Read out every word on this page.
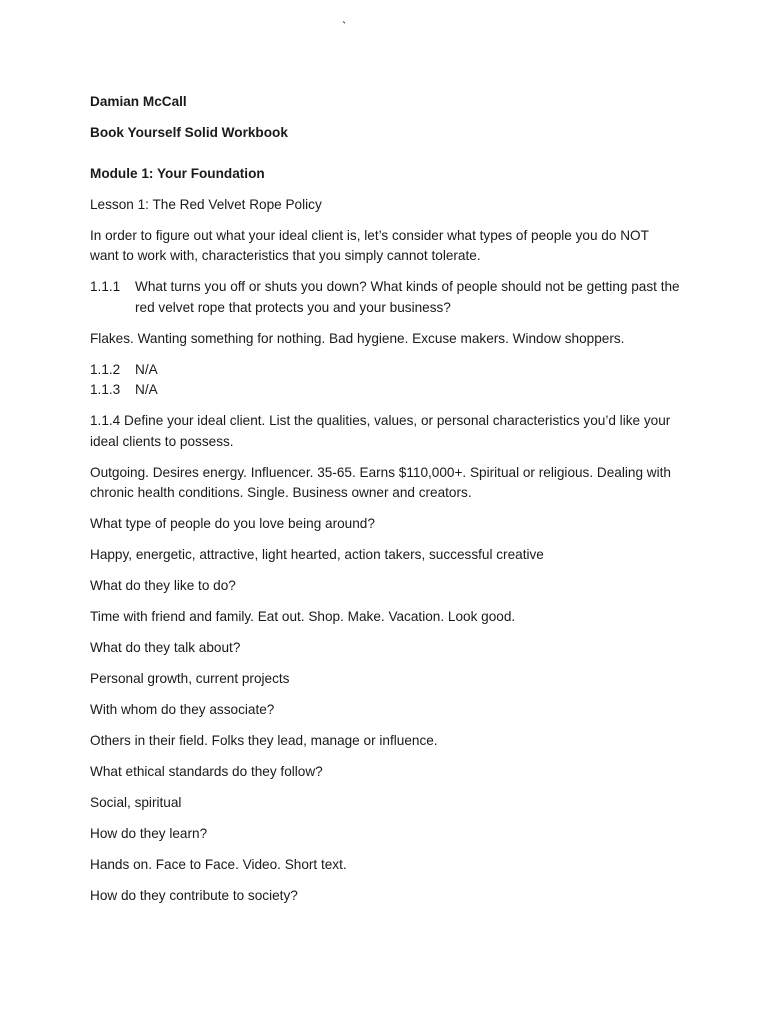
`

Damian McCall

Book Yourself Solid Workbook

Module 1: Your Foundation

Lesson 1: The Red Velvet Rope Policy

In order to figure out what your ideal client is, let’s consider what types of people you do NOT want to work with, characteristics that you simply cannot tolerate.

1.1.1	What turns you off or shuts you down? What kinds of people should not be getting past the red velvet rope that protects you and your business?

Flakes. Wanting something for nothing. Bad hygiene. Excuse makers. Window shoppers.

1.1.2	N/A
1.1.3	N/A

1.1.4 Define your ideal client. List the qualities, values, or personal characteristics you’d like your ideal clients to possess.

Outgoing. Desires energy. Influencer. 35-65. Earns $110,000+. Spiritual or religious. Dealing with chronic health conditions. Single. Business owner and creators.

What type of people do you love being around?

Happy, energetic, attractive, light hearted, action takers, successful creative

What do they like to do?

Time with friend and family. Eat out. Shop. Make. Vacation. Look good.

What do they talk about?

Personal growth, current projects

With whom do they associate?

Others in their field. Folks they lead, manage or influence.

What ethical standards do they follow?

Social, spiritual

How do they learn?

Hands on. Face to Face. Video. Short text.

How do they contribute to society?
